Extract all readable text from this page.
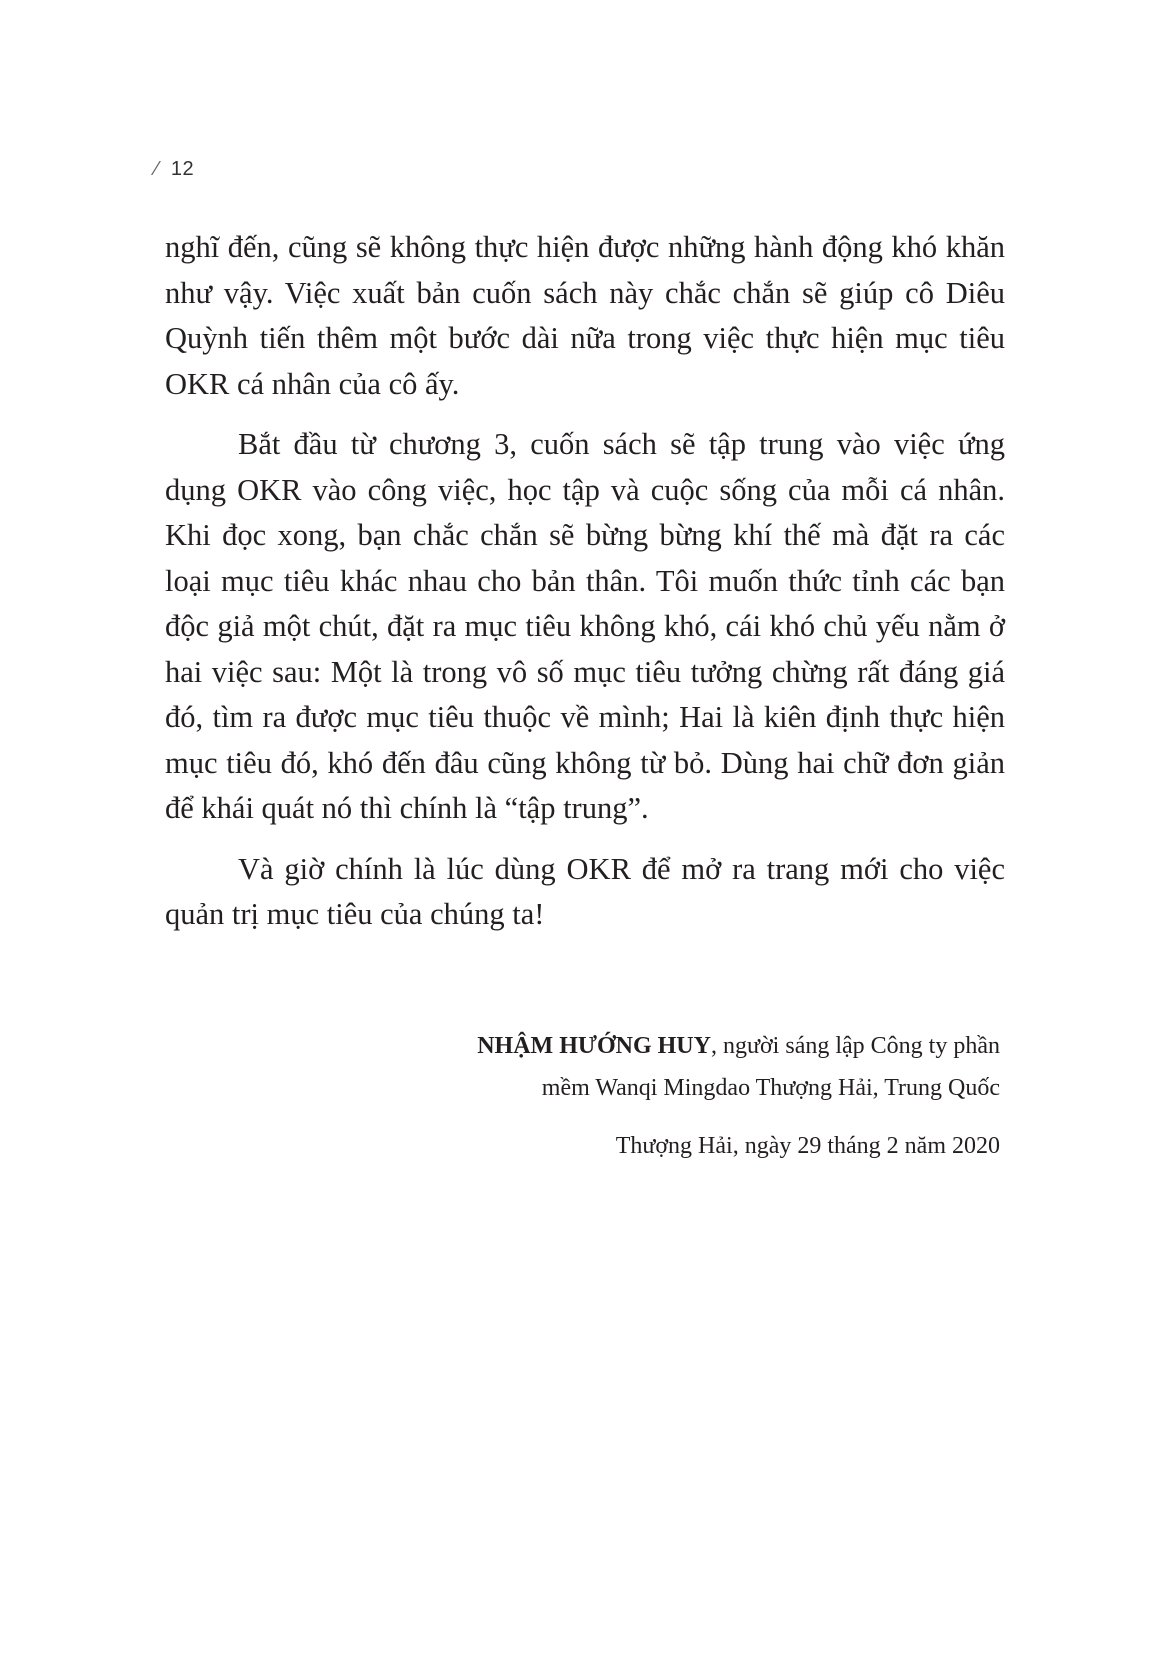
⁄ 12

nghĩ đến, cũng sẽ không thực hiện được những hành động khó khăn như vậy. Việc xuất bản cuốn sách này chắc chắn sẽ giúp cô Diêu Quỳnh tiến thêm một bước dài nữa trong việc thực hiện mục tiêu OKR cá nhân của cô ấy.

Bắt đầu từ chương 3, cuốn sách sẽ tập trung vào việc ứng dụng OKR vào công việc, học tập và cuộc sống của mỗi cá nhân. Khi đọc xong, bạn chắc chắn sẽ bừng bừng khí thế mà đặt ra các loại mục tiêu khác nhau cho bản thân. Tôi muốn thức tỉnh các bạn độc giả một chút, đặt ra mục tiêu không khó, cái khó chủ yếu nằm ở hai việc sau: Một là trong vô số mục tiêu tưởng chừng rất đáng giá đó, tìm ra được mục tiêu thuộc về mình; Hai là kiên định thực hiện mục tiêu đó, khó đến đâu cũng không từ bỏ. Dùng hai chữ đơn giản để khái quát nó thì chính là “tập trung”.

Và giờ chính là lúc dùng OKR để mở ra trang mới cho việc quản trị mục tiêu của chúng ta!

NHẬM HƯỚNG HUY, người sáng lập Công ty phần
mềm Wanqi Mingdao Thượng Hải, Trung Quốc
Thượng Hải, ngày 29 tháng 2 năm 2020
